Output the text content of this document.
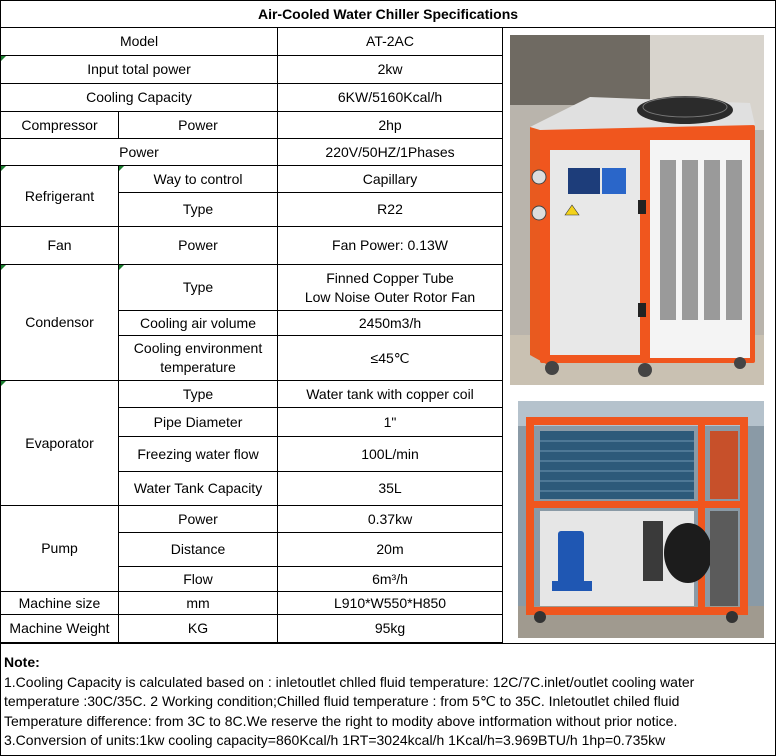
Air-Cooled Water Chiller Specifications
Model		AT-2AC
Input total power		2kw
Cooling Capacity		6KW/5160Kcal/h
Compressor	Power	2hp
Power		220V/50HZ/1Phases
Refrigerant	Way to control	Capillary
	Type	R22
Fan	Power	Fan Power: 0.13W
Condensor	Type	Finned Copper Tube
Low Noise Outer Rotor Fan

	Cooling air volume	2450m3/h

	Cooling environment
temperature	≤45℃
Evaporator	Type	Water tank with copper coil
	Pipe Diameter	1"
	Freezing water flow	100L/min
	Water Tank Capacity	35L
Pump	Power	0.37kw
	Distance	20m
	Flow	6m³/h
Machine size	mm	L910*W550*H850
Machine Weight	KG	95kg
Note:
1.Cooling Capacity is calculated based on : inletoutlet chlled fluid temperature: 12C/7C.inlet/outlet cooling water
temperature :30C/35C. 2 Working condition;Chilled fluid temperature : from 5℃ to 35C. Inletoutlet chiled fluid
Temperature difference: from 3C to 8C.We reserve the right to modity above intformation without prior notice.
3.Conversion of units:1kw cooling capacity=860Kcal/h 1RT=3024kcal/h 1Kcal/h=3.969BTU/h 1hp=0.735kw
